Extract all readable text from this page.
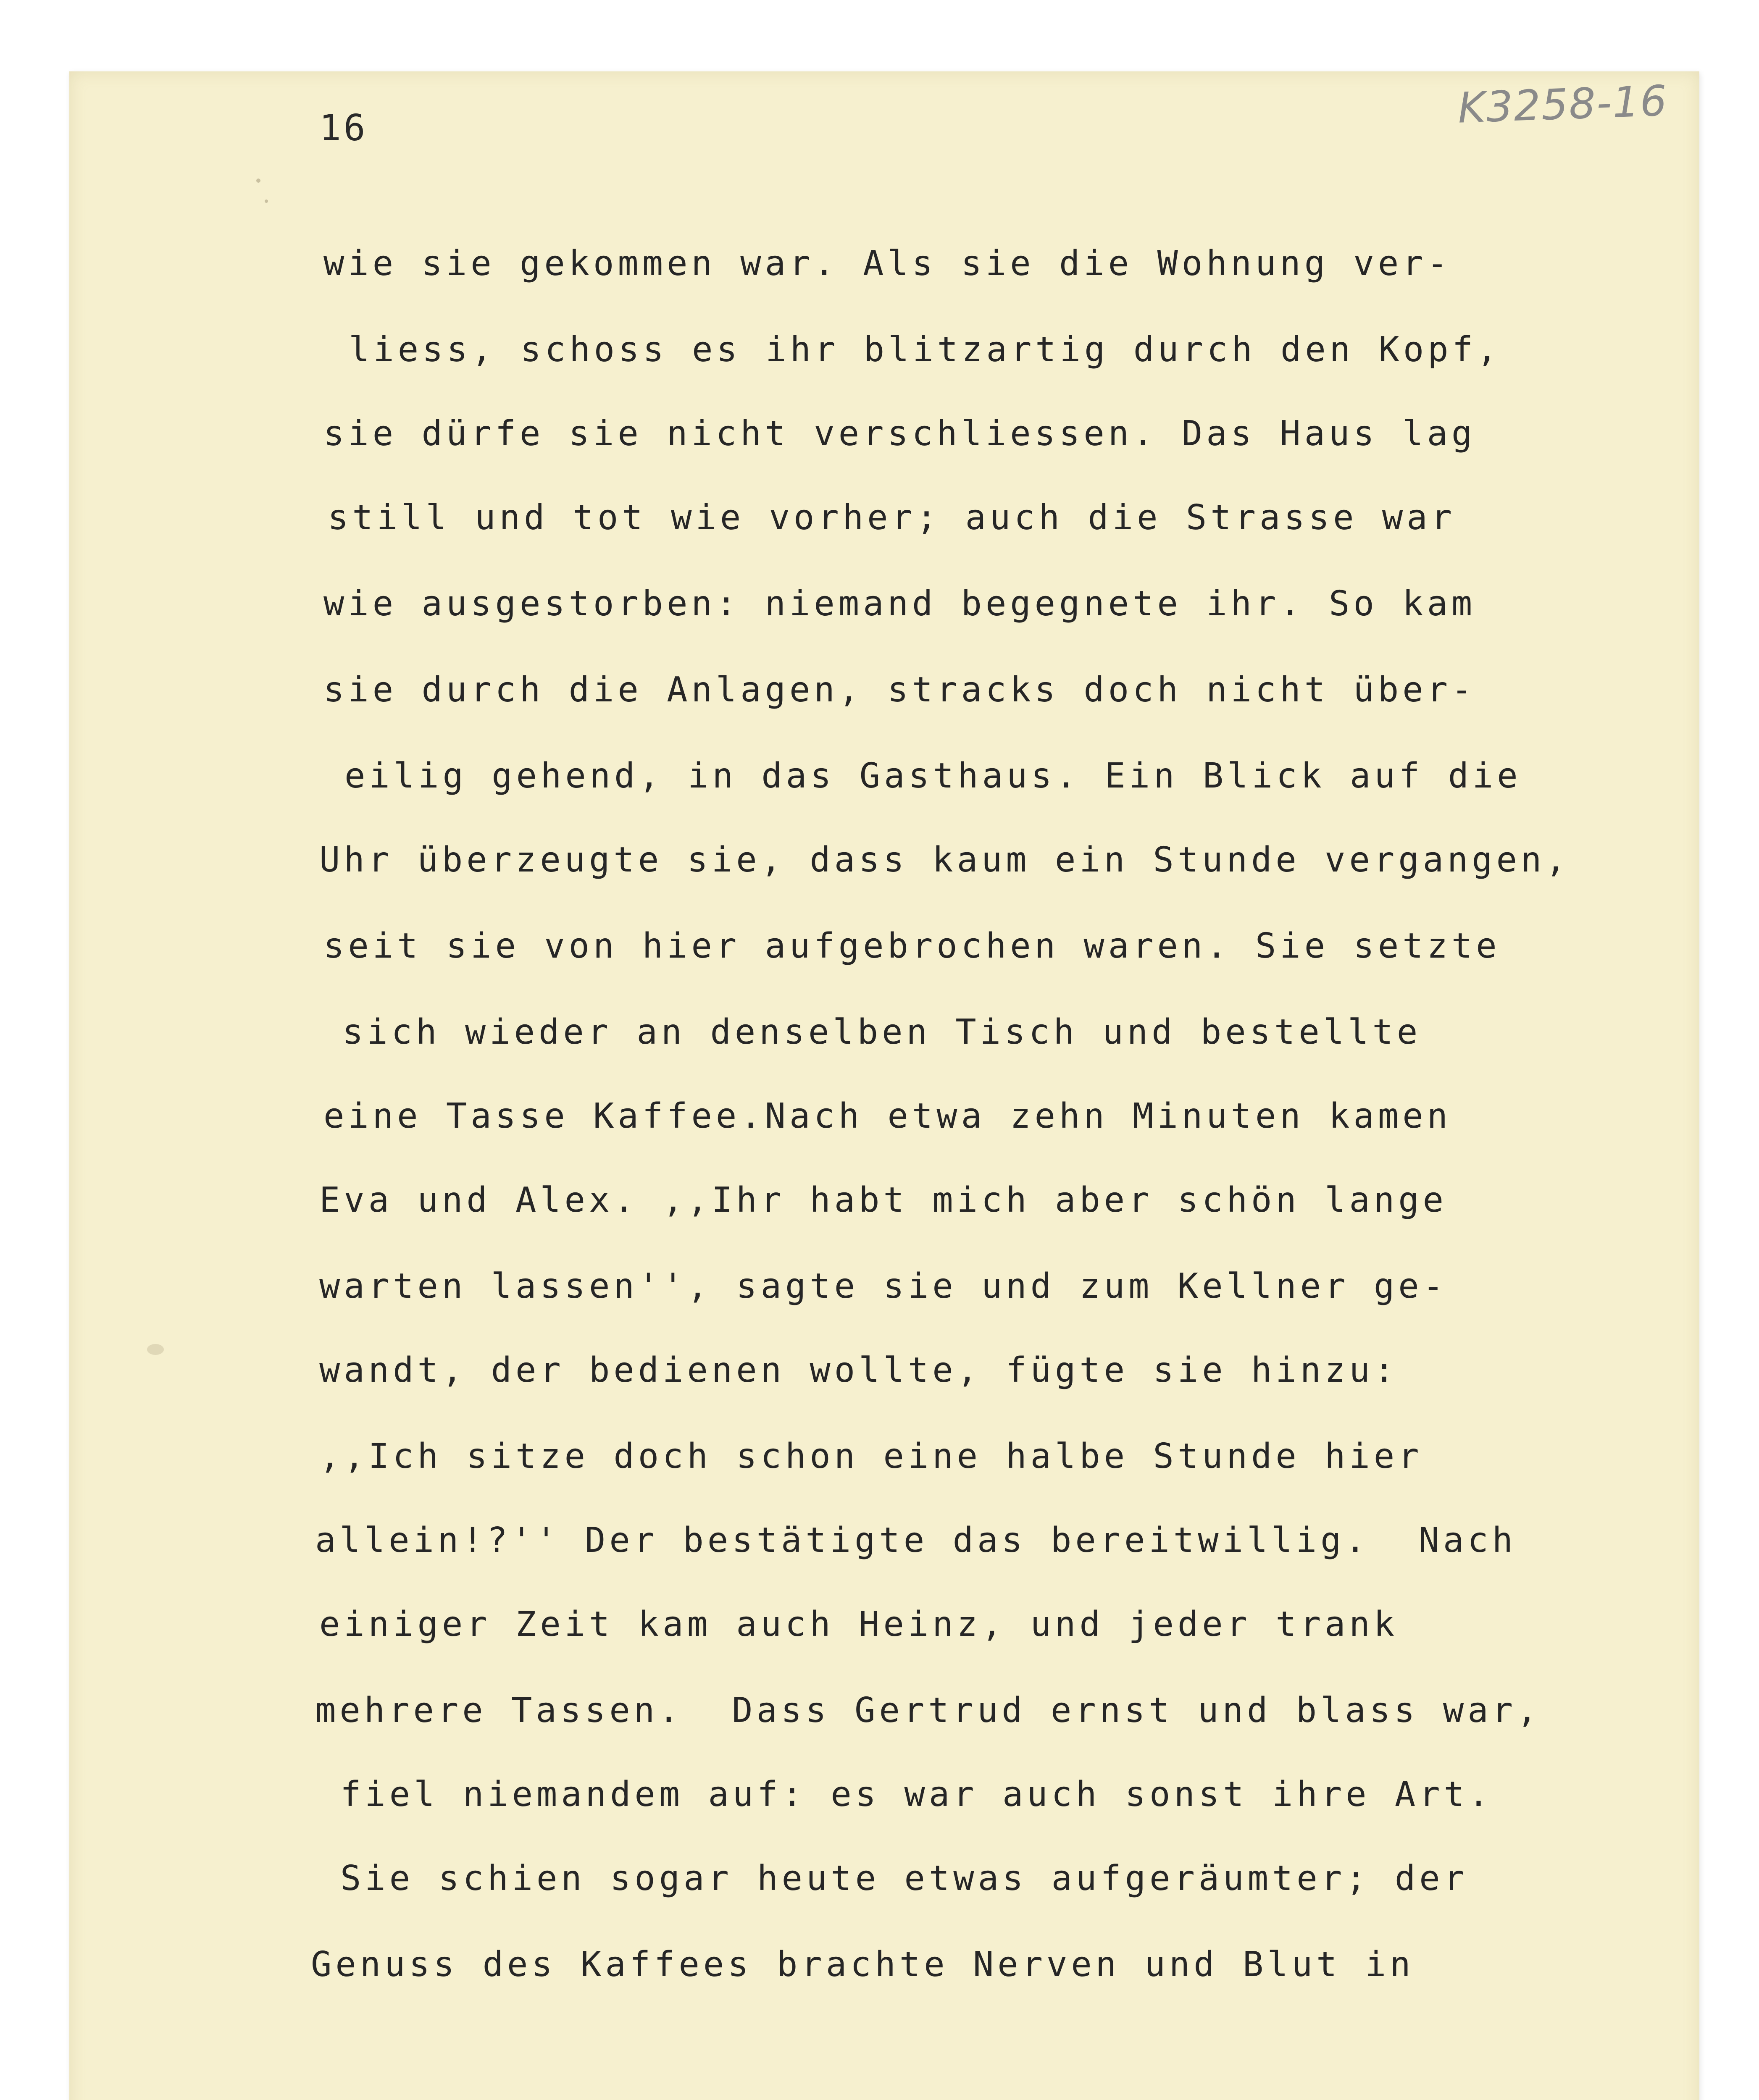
16	K3258-16
wie sie gekommen war. Als sie die Wohnung ver-
liess, schoss es ihr blitzartig durch den Kopf,
sie dürfe sie nicht verschliessen. Das Haus lag
still und tot wie vorher; auch die Strasse war
wie ausgestorben: niemand begegnete ihr. So kam
sie durch die Anlagen, stracks doch nicht über-
eilig gehend, in das Gasthaus. Ein Blick auf die
Uhr überzeugte sie, dass kaum ein Stunde vergangen,
seit sie von hier aufgebrochen waren. Sie setzte
sich wieder an denselben Tisch und bestellte
eine Tasse Kaffee.Nach etwa zehn Minuten kamen
Eva und Alex. ,,Ihr habt mich aber schön lange
warten lassen'', sagte sie und zum Kellner ge-
wandt, der bedienen wollte, fügte sie hinzu:
,,Ich sitze doch schon eine halbe Stunde hier
allein!?'' Der bestätigte das bereitwillig.  Nach
einiger Zeit kam auch Heinz, und jeder trank
mehrere Tassen.  Dass Gertrud ernst und blass war,
fiel niemandem auf: es war auch sonst ihre Art.
Sie schien sogar heute etwas aufgeräumter; der
Genuss des Kaffees brachte Nerven und Blut in
